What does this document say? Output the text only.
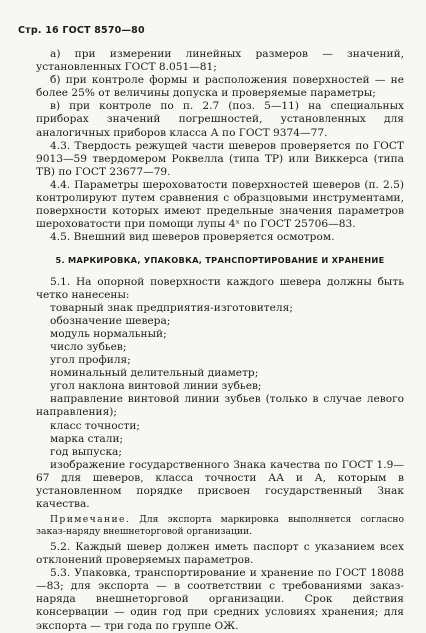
Стр. 16 ГОСТ 8570—80

а) при измерении линейных размеров — значений, установленных ГОСТ 8.051—81;

б) при контроле формы и расположения поверхностей — не более 25% от величины допуска и проверяемые параметры;

в) при контроле по п. 2.7 (поз. 5—11) на специальных приборах значений погрешностей, установленных для аналогичных приборов класса А по ГОСТ 9374—77.

4.3. Твердость режущей части шеверов проверяется по ГОСТ 9013—59 твердомером Роквелла (типа ТР) или Виккерса (типа ТВ) по ГОСТ 23677—79.

4.4. Параметры шероховатости поверхностей шеверов (п. 2.5) контролируют путем сравнения с образцовыми инструментами, поверхности которых имеют предельные значения параметров шероховатости при помощи лупы 4ˣ по ГОСТ 25706—83.

4.5. Внешний вид шеверов проверяется осмотром.

5. МАРКИРОВКА, УПАКОВКА, ТРАНСПОРТИРОВАНИЕ И ХРАНЕНИЕ

5.1. На опорной поверхности каждого шевера должны быть четко нанесены:

товарный знак предприятия-изготовителя;

обозначение шевера;

модуль нормальный;

число зубьев;

угол профиля;

номинальный делительный диаметр;

угол наклона винтовой линии зубьев;

направление винтовой линии зубьев (только в случае левого направления);

класс точности;

марка стали;

год выпуска;

изображение государственного Знака качества по ГОСТ 1.9—67 для шеверов, класса точности АА и А, которым в установленном порядке присвоен государственный Знак качества.

Примечание. Для экспорта маркировка выполняется согласно заказ-наряду внешнеторговой организации.

5.2. Каждый шевер должен иметь паспорт с указанием всех отклонений проверяемых параметров.

5.3. Упаковка, транспортирование и хранение по ГОСТ 18088—83; для экспорта — в соответствии с требованиями заказ-наряда внешнеторговой организации. Срок действия консервации — один год при средних условиях хранения; для экспорта — три года по группе ОЖ.
